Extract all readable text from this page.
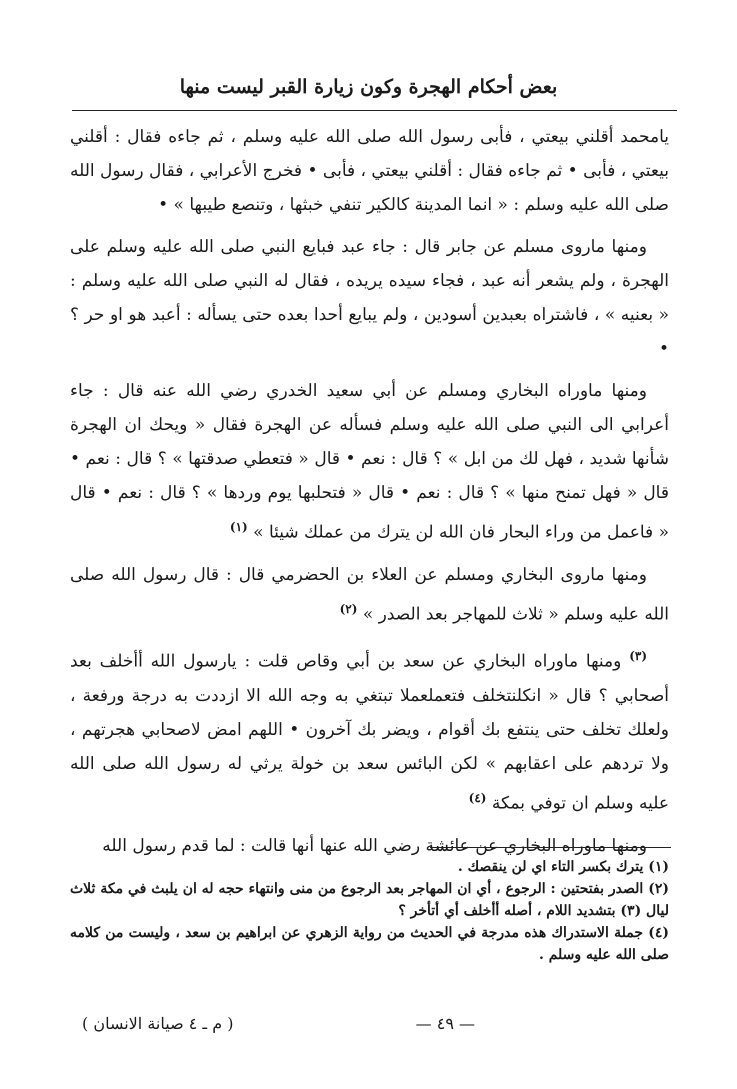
بعض أحكام الهجرة وكون زيارة القبر ليست منها

يامحمد أقلني بيعتي ، فأبى رسول الله صلى الله عليه وسلم ، ثم جاءه فقال : أقلني بيعتي ، فأبى • ثم جاءه فقال : أقلني بيعتي ، فأبى • فخرج الأعرابي ، فقال رسول الله صلى الله عليه وسلم : « انما المدينة كالكير تنفي خبثها ، وتنصع طيبها » •

ومنها ماروى مسلم عن جابر قال : جاء عبد فبايع النبي صلى الله عليه وسلم على الهجرة ، ولم يشعر أنه عبد ، فجاء سيده يريده ، فقال له النبي صلى الله عليه وسلم : « بعنيه » ، فاشتراه بعبدين أسودين ، ولم يبايع أحدا بعده حتى يسأله : أعبد هو او حر ؟ •

ومنها ماوراه البخاري ومسلم عن أبي سعيد الخدري رضي الله عنه قال : جاء أعرابي الى النبي صلى الله عليه وسلم فسأله عن الهجرة فقال « ويحك ان الهجرة شأنها شديد ، فهل لك من ابل » ؟ قال : نعم • قال « فتعطي صدقتها » ؟ قال : نعم • قال « فهل تمنح منها » ؟ قال : نعم • قال « فتحلبها يوم وردها » ؟ قال : نعم • قال « فاعمل من وراء البحار فان الله لن يترك من عملك شيئا » $^{(١)}$

ومنها ماروى البخاري ومسلم عن العلاء بن الحضرمي قال : قال رسول الله صلى الله عليه وسلم « ثلاث للمهاجر بعد الصدر » $^{(٢)}$

$^{(٣)}$ ومنها ماوراه البخاري عن سعد بن أبي وقاص قلت : يارسول الله أأخلف بعد أصحابي ؟ قال « انكلنتخلف فتعملعملا تبتغي به وجه الله الا ازددت به درجة ورفعة ، ولعلك تخلف حتى ينتفع بك أقوام ، ويضر بك آخرون • اللهم امض لاصحابي هجرتهم ، ولا تردهم على اعقابهم » لكن البائس سعد بن خولة يرثي له رسول الله صلى الله عليه وسلم ان توفي بمكة $^{(٤)}$

ومنها ماوراه البخاري عن عائشة رضي الله عنها أنها قالت : لما قدم رسول الله

(١) يترك بكسر التاء اي لن ينقصك .

(٢) الصدر بفتحتين : الرجوع ، أي ان المهاجر بعد الرجوع من منى وانتهاء حجه له ان يلبث في مكة ثلاث ليال (٣) بتشديد اللام ، أصله أأخلف أي أتأخر ؟

(٤) جملة الاستدراك هذه مدرجة في الحديث من رواية الزهري عن ابراهيم بن سعد ، وليست من كلامه صلى الله عليه وسلم .

— ٤٩ —
( م ـ ٤ صيانة الانسان )
